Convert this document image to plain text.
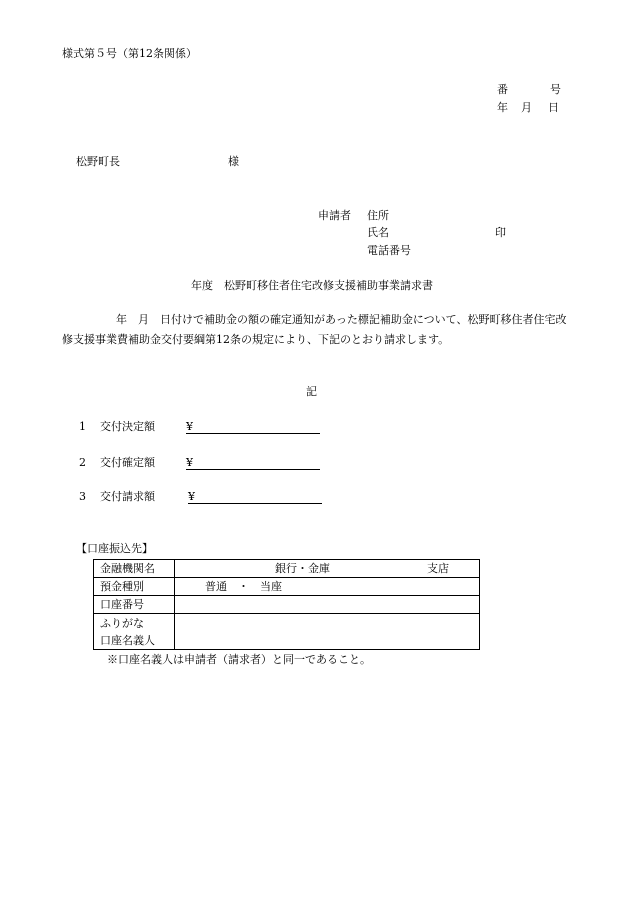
様式第５号（第12条関係）
番	号
年 月 日
松野町長	様
申請者 住所
氏名	印
電話番号
年度　松野町移住者住宅改修支援補助事業請求書
年　月　日付けで補助金の額の確定通知があった標記補助金について、松野町移住者住宅改修支援事業費補助金交付要綱第12条の規定により、下記のとおり請求します。
記
1 交付決定額	¥
2 交付確定額	¥
3 交付請求額	¥
【口座振込先】
金融機関名	銀行・金庫 支店

預金種別	普通　・　当座
口座番号	

ふりがな
口座名義人	

※口座名義人は申請者（請求者）と同一であること。
